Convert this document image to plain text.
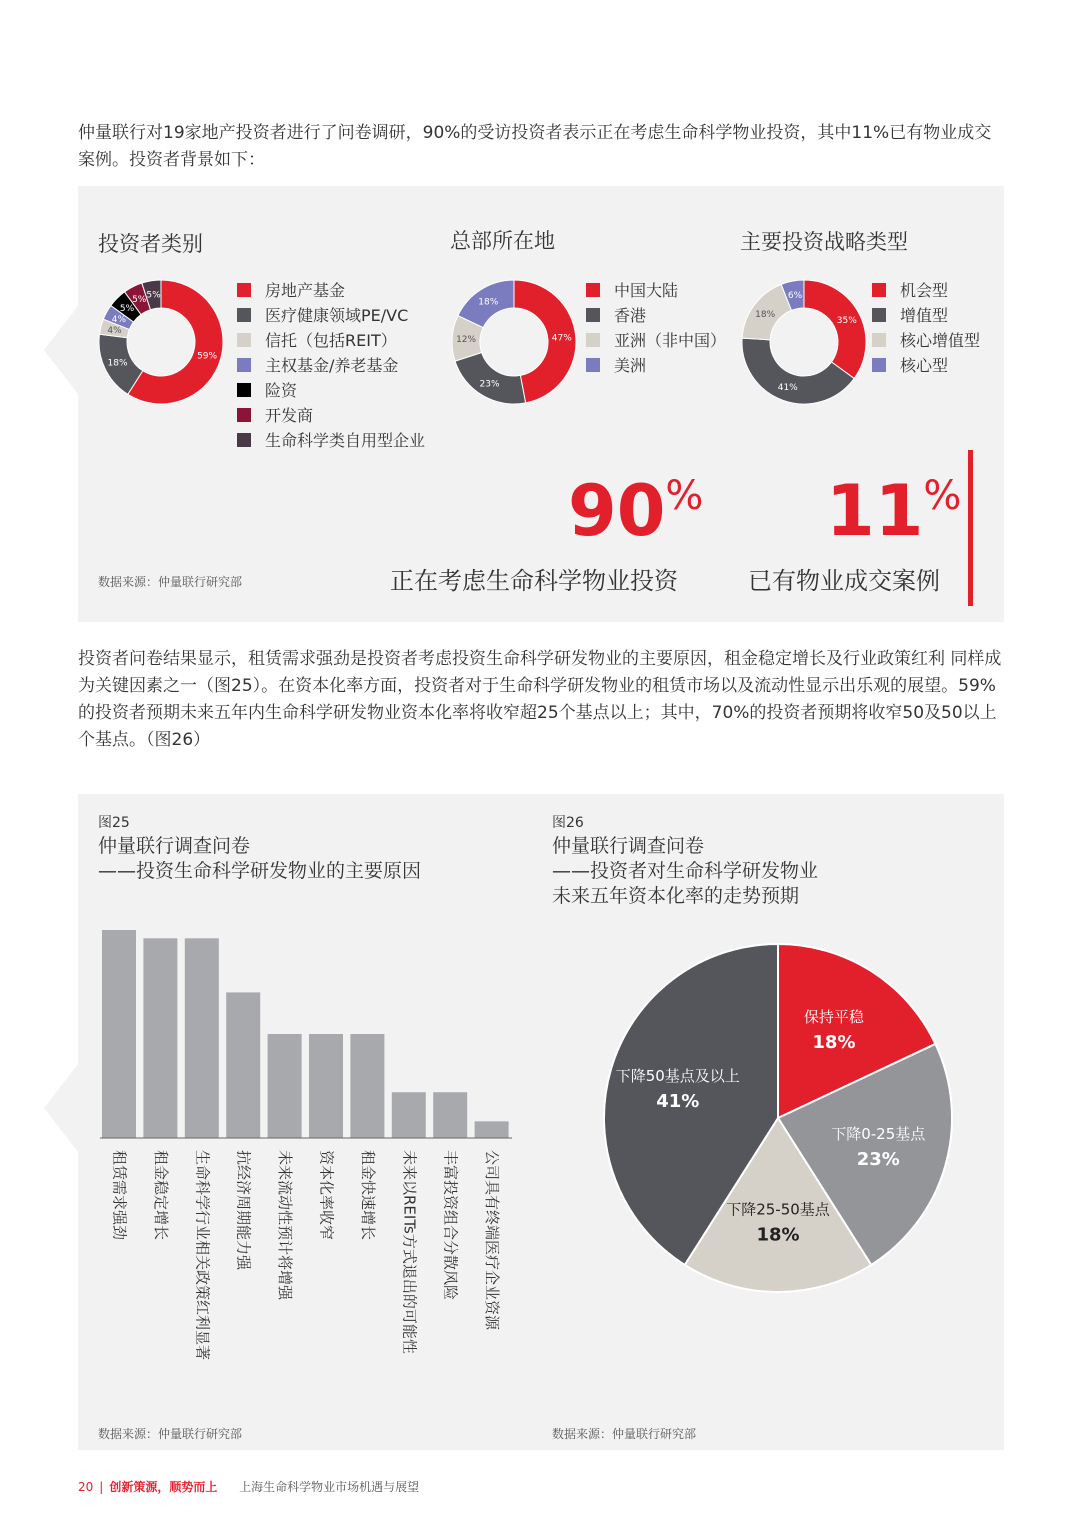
仲量联行对19家地产投资者进行了问卷调研，90%的受访投资者表示正在考虑生命科学物业投资，其中11%已有物业成交案例。投资者背景如下：

投资者类别	总部所在地	主要投资战略类型
59%
18%
4%
4%
5%
5% 5%
47%
23%
12%
18%
35%
41%
18%
6%
房地产基金
医疗健康领域PE/VC
信托（包括REIT）
主权基金/养老基金
险资
开发商
生命科学类自用型企业
中国大陆
香港
亚洲（非中国）
美洲
机会型
增值型
核心增值型
核心型
90%
正在考虑生命科学物业投资
11%
已有物业成交案例
数据来源：仲量联行研究部

投资者问卷结果显示，租赁需求强劲是投资者考虑投资生命科学研发物业的主要原因，租金稳定增长及行业政策红利 同样成为关键因素之一（图25）。在资本化率方面，投资者对于生命科学研发物业的租赁市场以及流动性显示出乐观的展望。59%的投资者预期未来五年内生命科学研发物业资本化率将收窄超25个基点以上；其中，70%的投资者预期将收窄50及50以上个基点。（图26）

图25
仲量联行调查问卷
——投资生命科学研发物业的主要原因
图26
仲量联行调查问卷
——投资者对生命科学研发物业
未来五年资本化率的走势预期
租赁需求强劲 租金稳定增长 生命科学行业相关政策红利显著 抗经济周期能力强 未来流动性预计将增强 资本化率收窄 租金快速增长 未来以REITs方式退出的可能性 丰富投资组合分散风险 公司具有终端医疗企业资源
保持平稳
18%
下降0-25基点
23%
下降25-50基点
18%
下降50基点及以上
41%
数据来源：仲量联行研究部	数据来源：仲量联行研究部
20 | 创新策源，顺势而上 上海生命科学物业市场机遇与展望
